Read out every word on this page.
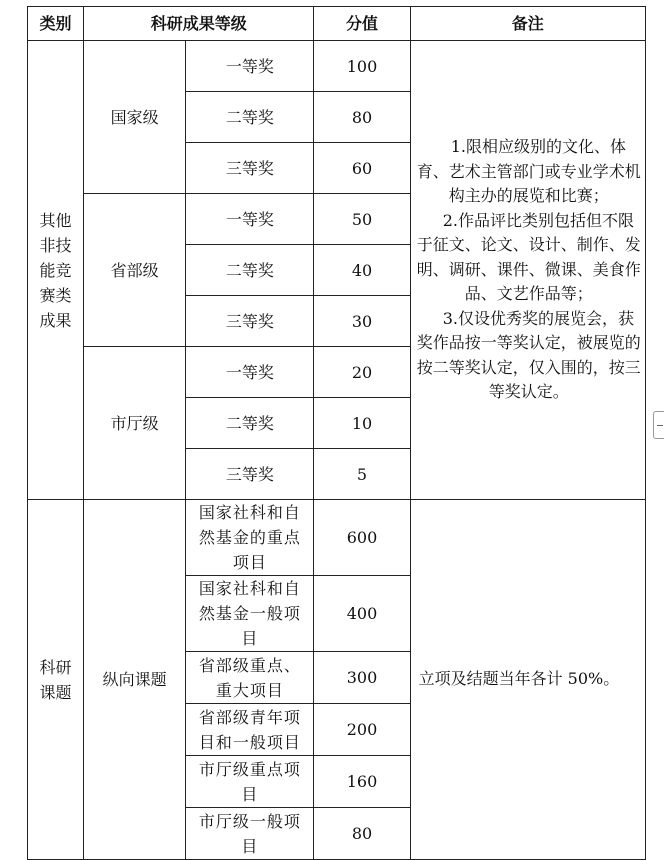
类别	科研成果等级		分值	备注
其他非技能竞赛类成果	国家级	一等奖	100	1.限相应级别的文化、体育、艺术主管部门或专业学术机构主办的展览和比赛；

2.作品评比类别包括但不限于征文、论文、设计、制作、发明、调研、课件、微课、美食作品、文艺作品等；

3.仅设优秀奖的展览会，获奖作品按一等奖认定，被展览的按二等奖认定，仅入围的，按三等奖认定。

		二等奖	80	
		三等奖	60	
	省部级	一等奖	50	
		二等奖	40	
		三等奖	30	
	市厅级	一等奖	20	
		二等奖	10	
		三等奖	5	
科研课题	纵向课题	国家社科和自然基金的重点项目	600	立项及结题当年各计 50%。
		国家社科和自然基金一般项目	400	
		省部级重点、重大项目	300	
		省部级青年项目和一般项目	200	
		市厅级重点项目	160	
		市厅级一般项目	80	
